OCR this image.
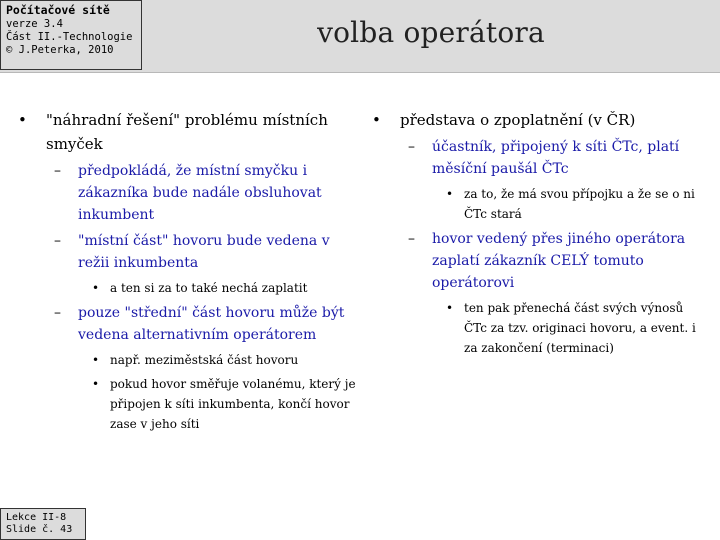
Počítačové sítě
verze 3.4
Část II.-Technologie
© J.Peterka, 2010
volba operátora
• "náhradní řešení" problému místních smyček
– předpokládá, že místní smyčku i zákazníka bude nadále obsluhovat inkumbent
– "místní část" hovoru bude vedena v režii inkumbenta
• a ten si za to také nechá zaplatit
– pouze "střední" část hovoru může být vedena alternativním operátorem
• např. meziměstská část hovoru
• pokud hovor směřuje volanému, který je připojen k síti inkumbenta, končí hovor zase v jeho síti
• představa o zpoplatnění (v ČR)
– účastník, připojený k síti ČTc, platí měsíční paušál ČTc
• za to, že má svou přípojku a že se o ni ČTc stará
– hovor vedený přes jiného operátora zaplatí zákazník CELÝ tomuto operátorovi
• ten pak přenechá část svých výnosů ČTc za tzv. originaci hovoru, a event. i za zakončení (terminaci)
Lekce II-8
Slide č. 43
